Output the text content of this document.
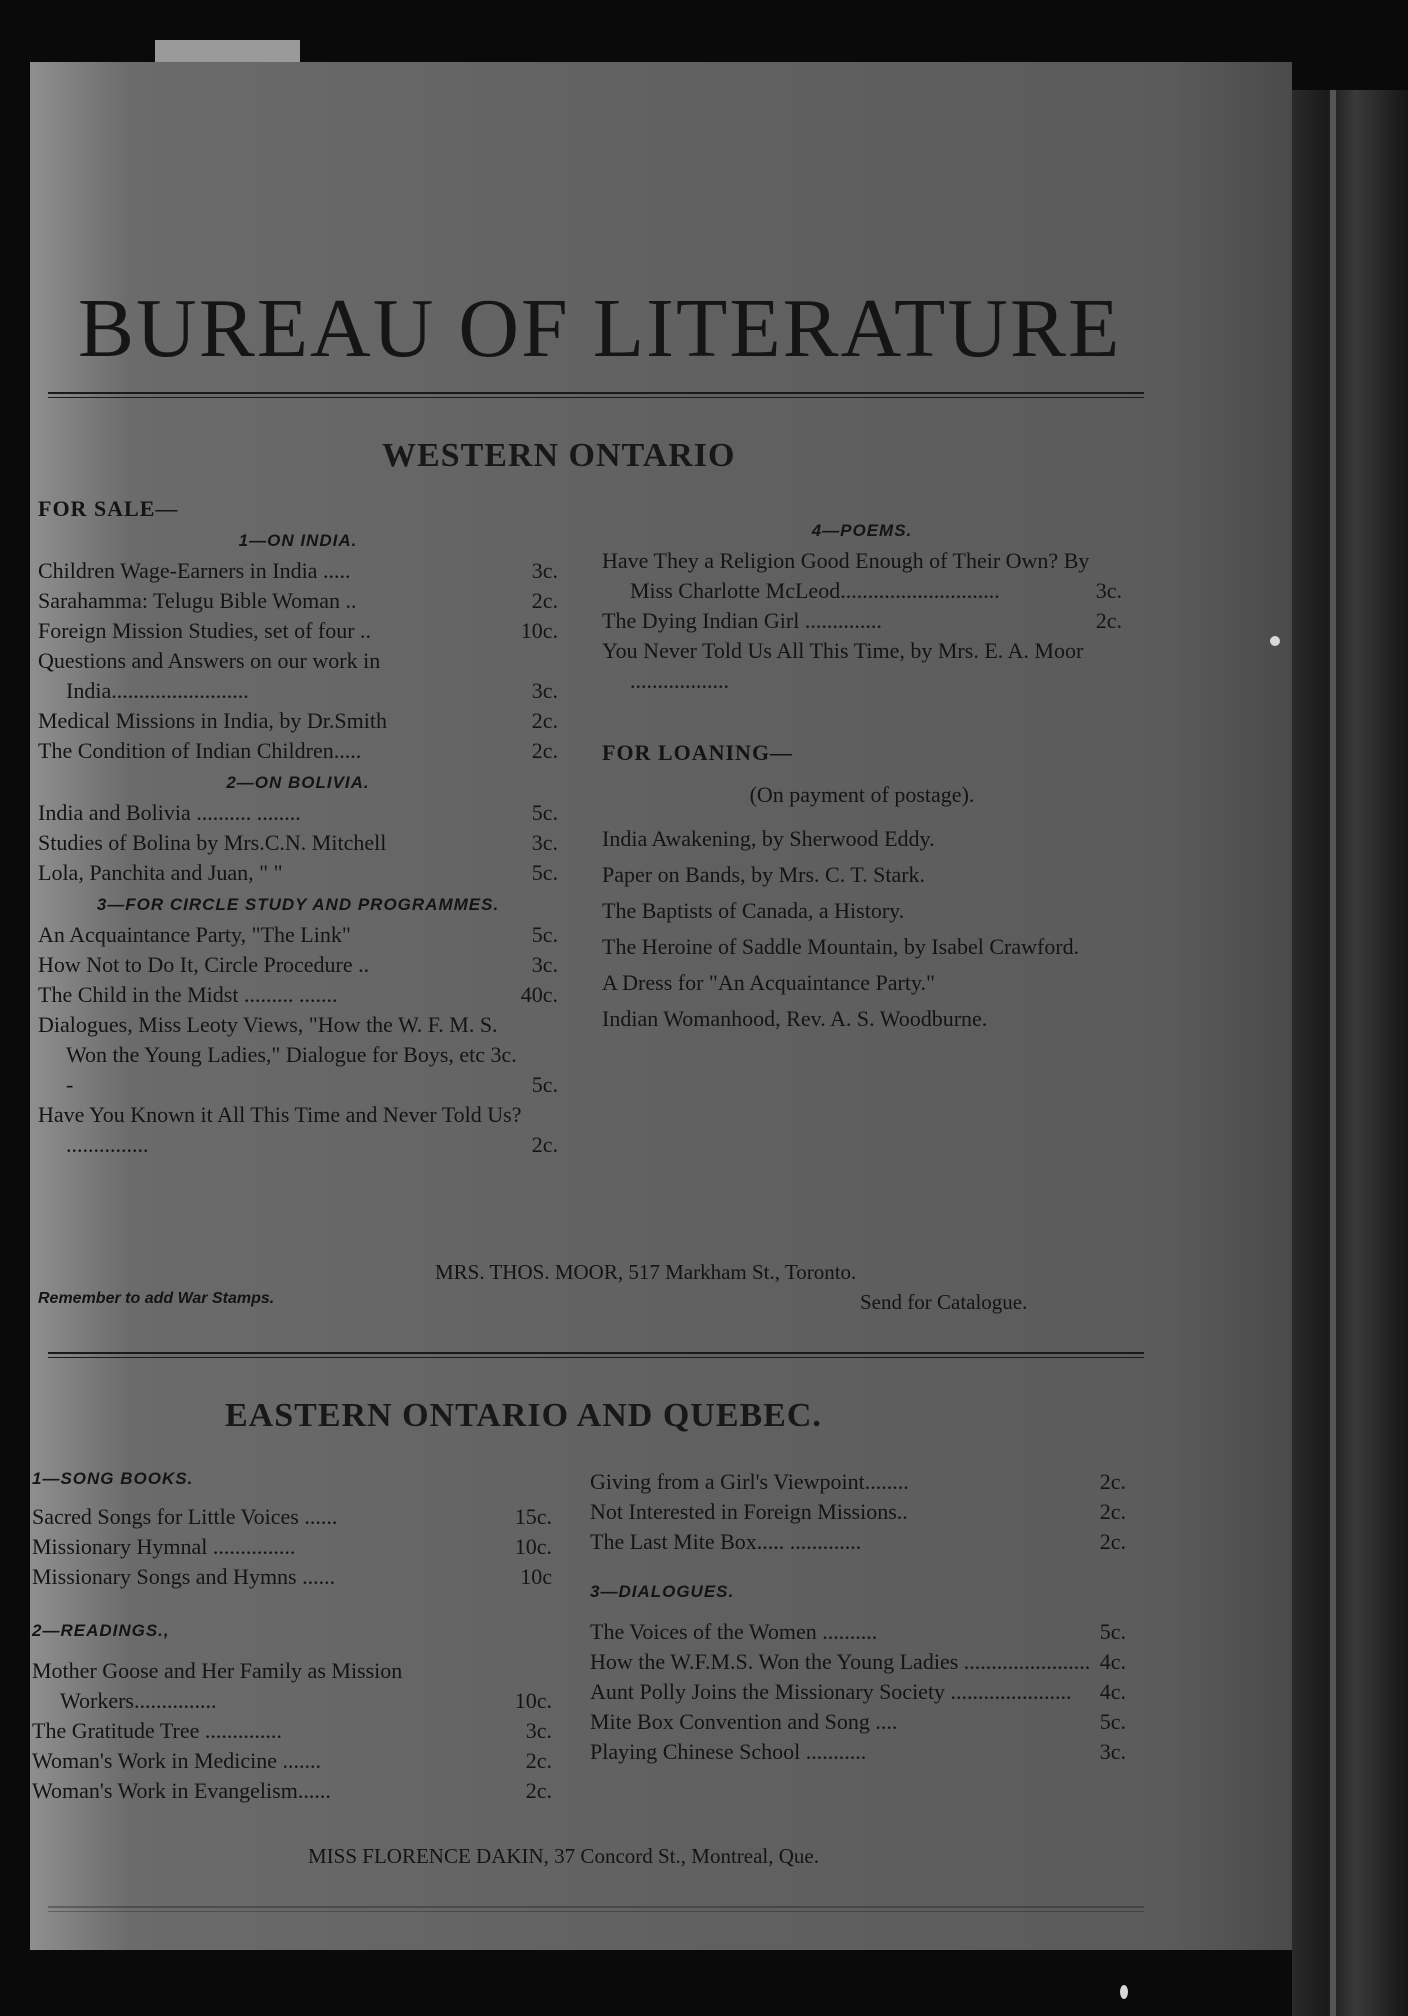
BUREAU OF LITERATURE
WESTERN ONTARIO
FOR SALE—
1—ON INDIA.
Children Wage-Earners in India .....	3c.
Sarahamma: Telugu Bible Woman ..	2c.
Foreign Mission Studies, set of four ..	10c.
Questions and Answers on our work in India.........................	3c.
Medical Missions in India, by Dr.Smith	2c.
The Condition of Indian Children.....	2c.
2—ON BOLIVIA.
India and Bolivia .......... ........	5c.
Studies of Bolina by Mrs.C.N. Mitchell	3c.
Lola, Panchita and Juan, " "	5c.
3—FOR CIRCLE STUDY AND PROGRAMMES.
An Acquaintance Party, "The Link"	5c.
How Not to Do It, Circle Procedure ..	3c.
The Child in the Midst ......... .......	40c.
Dialogues, Miss Leoty Views, "How the W. F. M. S. Won the Young Ladies," Dialogue for Boys, etc 3c. -	5c.
Have You Known it All This Time and Never Told Us? ...............	2c.
4—POEMS.
Have They a Religion Good Enough of Their Own? By Miss Charlotte McLeod.............................	3c.
The Dying Indian Girl ..............	2c.
You Never Told Us All This Time, by Mrs. E. A. Moor ..................
FOR LOANING—
(On payment of postage).
India Awakening, by Sherwood Eddy.
Paper on Bands, by Mrs. C. T. Stark.
The Baptists of Canada, a History.
The Heroine of Saddle Mountain, by Isabel Crawford.
A Dress for "An Acquaintance Party."
Indian Womanhood, Rev. A. S. Woodburne.
MRS. THOS. MOOR, 517 Markham St., Toronto.
Remember to add War Stamps.	Send for Catalogue.
EASTERN ONTARIO AND QUEBEC.
1—SONG BOOKS.
Sacred Songs for Little Voices ......	15c.
Missionary Hymnal ...............	10c.
Missionary Songs and Hymns ......	10c
2—READINGS.,
Mother Goose and Her Family as Mission Workers...............	10c.
The Gratitude Tree ..............	3c.
Woman's Work in Medicine .......	2c.
Woman's Work in Evangelism......	2c.
Giving from a Girl's Viewpoint........	2c.
Not Interested in Foreign Missions..	2c.
The Last Mite Box..... .............	2c.
3—DIALOGUES.
The Voices of the Women ..........	5c.
How the W.F.M.S. Won the Young Ladies ....................... 4c.
Aunt Polly Joins the Missionary Society ......................	4c.
Mite Box Convention and Song ....	5c.
Playing Chinese School ...........	3c.
MISS FLORENCE DAKIN, 37 Concord St., Montreal, Que.
